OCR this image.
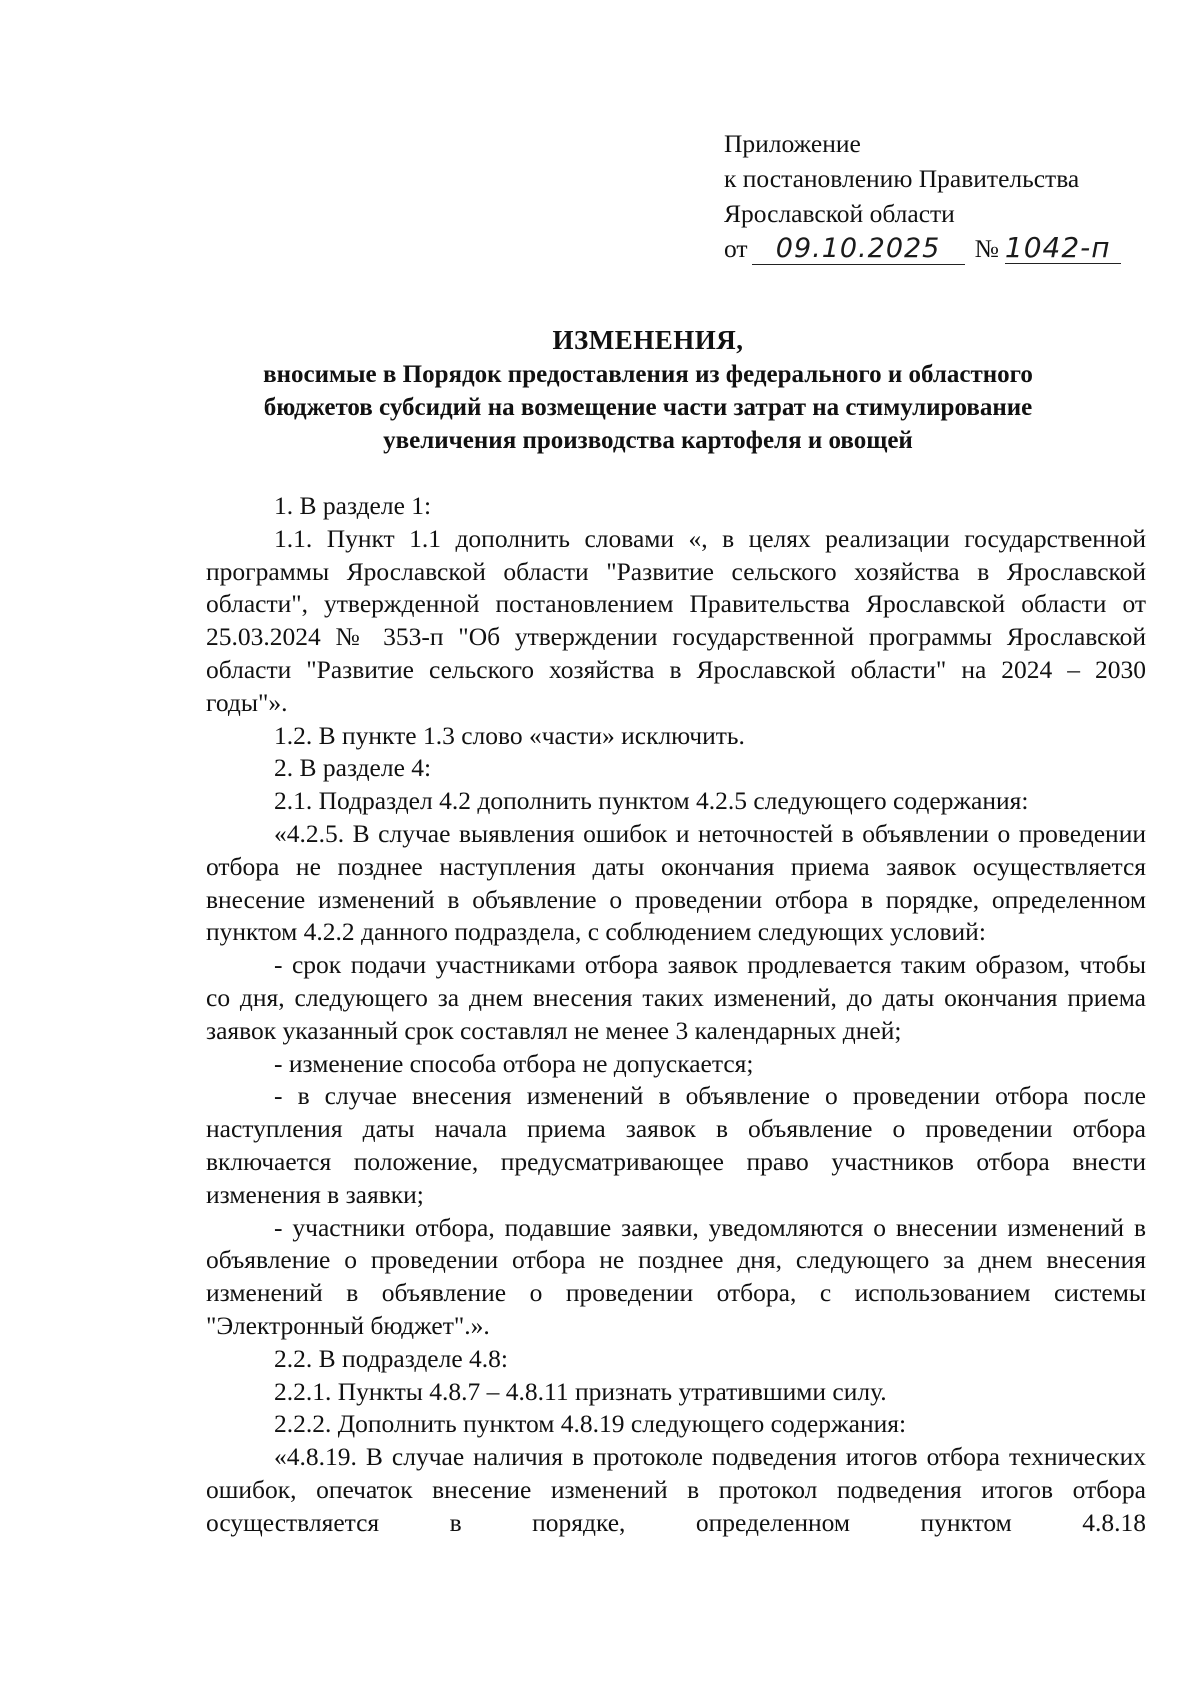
Приложение
к постановлению Правительства
Ярославской области
от 09.10.2025 № 1042-п
ИЗМЕНЕНИЯ,
вносимые в Порядок предоставления из федерального и областного
бюджетов субсидий на возмещение части затрат на стимулирование
увеличения производства картофеля и овощей

1. В разделе 1:

1.1. Пункт 1.1 дополнить словами «, в целях реализации государственной программы Ярославской области "Развитие сельского хозяйства в Ярославской области", утвержденной постановлением Правительства Ярославской области от 25.03.2024 № 353-п "Об утверждении государственной программы Ярославской области "Развитие сельского хозяйства в Ярославской области" на 2024 – 2030 годы"».

1.2. В пункте 1.3 слово «части» исключить.

2. В разделе 4:

2.1. Подраздел 4.2 дополнить пунктом 4.2.5 следующего содержания:

«4.2.5. В случае выявления ошибок и неточностей в объявлении о проведении отбора не позднее наступления даты окончания приема заявок осуществляется внесение изменений в объявление о проведении отбора в порядке, определенном пунктом 4.2.2 данного подраздела, с соблюдением следующих условий:

- срок подачи участниками отбора заявок продлевается таким образом, чтобы со дня, следующего за днем внесения таких изменений, до даты окончания приема заявок указанный срок составлял не менее 3 календарных дней;

- изменение способа отбора не допускается;

- в случае внесения изменений в объявление о проведении отбора после наступления даты начала приема заявок в объявление о проведении отбора включается положение, предусматривающее право участников отбора внести изменения в заявки;

- участники отбора, подавшие заявки, уведомляются о внесении изменений в объявление о проведении отбора не позднее дня, следующего за днем внесения изменений в объявление о проведении отбора, с использованием системы "Электронный бюджет".».

2.2. В подразделе 4.8:

2.2.1. Пункты 4.8.7 – 4.8.11 признать утратившими силу.

2.2.2. Дополнить пунктом 4.8.19 следующего содержания:

«4.8.19. В случае наличия в протоколе подведения итогов отбора технических ошибок, опечаток внесение изменений в протокол подведения итогов отбора осуществляется в порядке, определенном пунктом 4.8.18
